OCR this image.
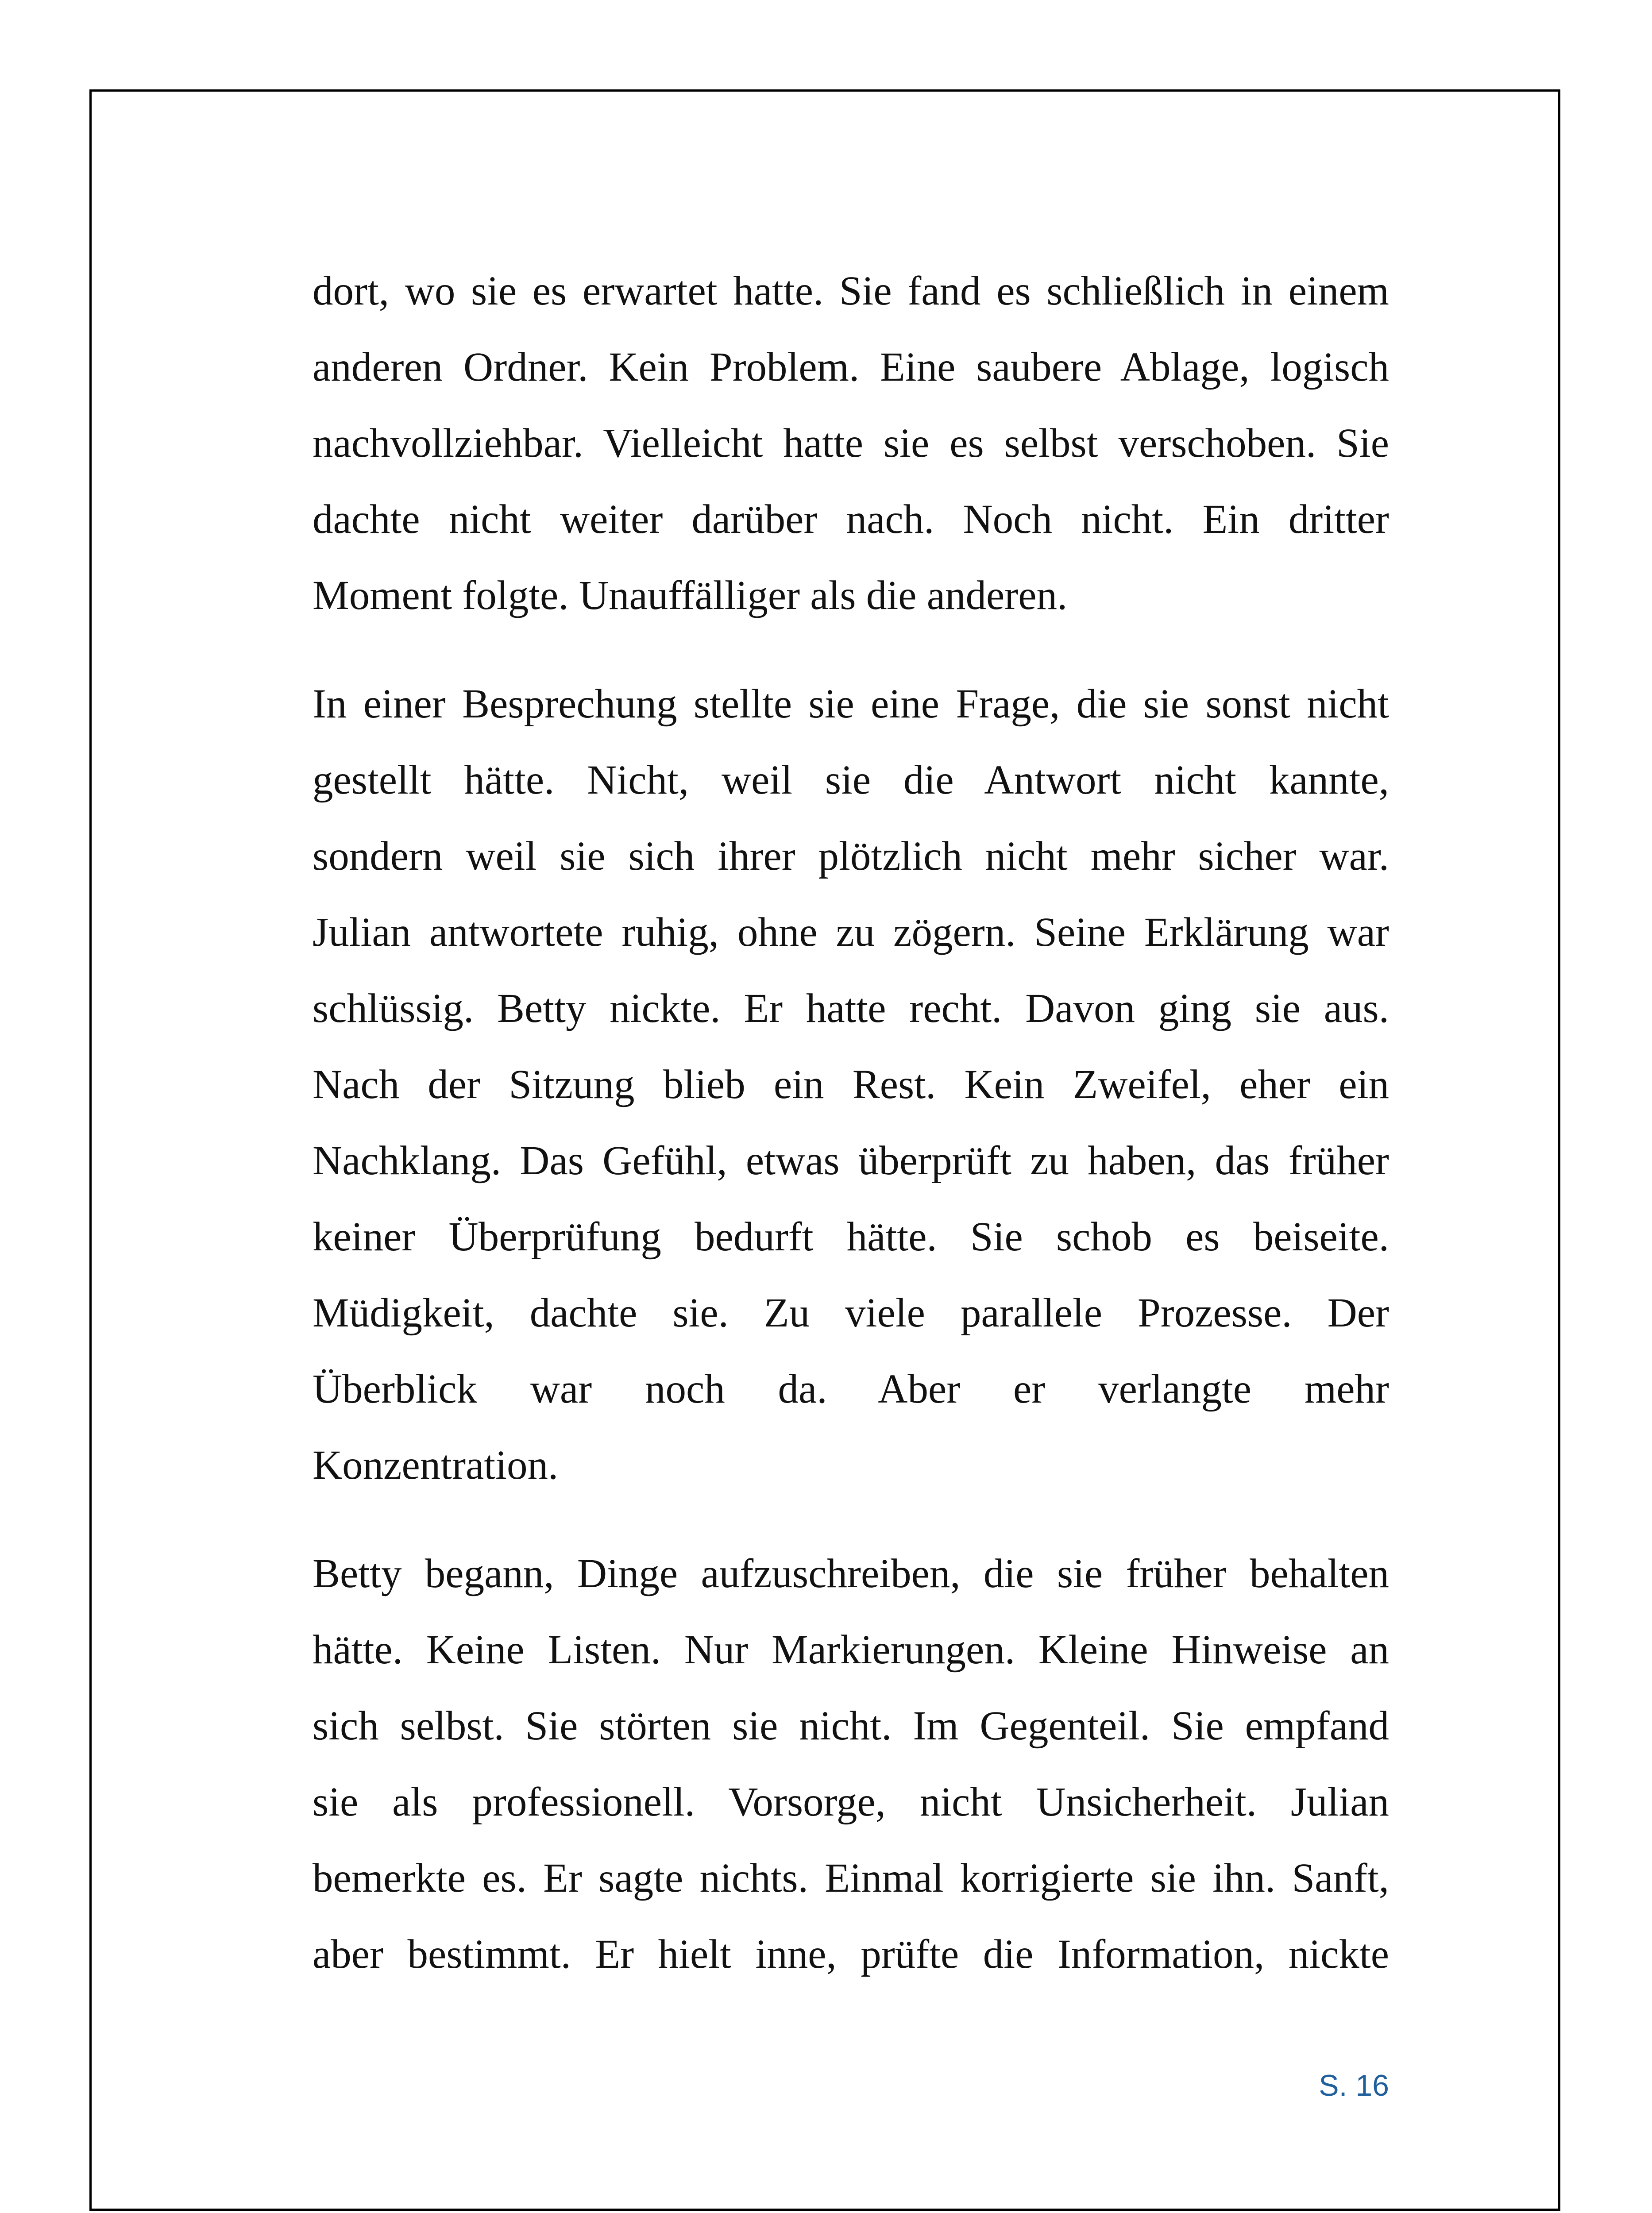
dort, wo sie es erwartet hatte. Sie fand es schließlich in einem
anderen Ordner. Kein Problem. Eine saubere Ablage, logisch
nachvollziehbar. Vielleicht hatte sie es selbst verschoben. Sie
dachte nicht weiter darüber nach. Noch nicht. Ein dritter
Moment folgte. Unauffälliger als die anderen.

In einer Besprechung stellte sie eine Frage, die sie sonst nicht
gestellt hätte. Nicht, weil sie die Antwort nicht kannte,
sondern weil sie sich ihrer plötzlich nicht mehr sicher war.
Julian antwortete ruhig, ohne zu zögern. Seine Erklärung war
schlüssig. Betty nickte. Er hatte recht. Davon ging sie aus.
Nach der Sitzung blieb ein Rest. Kein Zweifel, eher ein
Nachklang. Das Gefühl, etwas überprüft zu haben, das früher
keiner Überprüfung bedurft hätte. Sie schob es beiseite.
Müdigkeit, dachte sie. Zu viele parallele Prozesse. Der
Überblick war noch da. Aber er verlangte mehr
Konzentration.

Betty begann, Dinge aufzuschreiben, die sie früher behalten
hätte. Keine Listen. Nur Markierungen. Kleine Hinweise an
sich selbst. Sie störten sie nicht. Im Gegenteil. Sie empfand
sie als professionell. Vorsorge, nicht Unsicherheit. Julian
bemerkte es. Er sagte nichts. Einmal korrigierte sie ihn. Sanft,
aber bestimmt. Er hielt inne, prüfte die Information, nickte

S. 16
